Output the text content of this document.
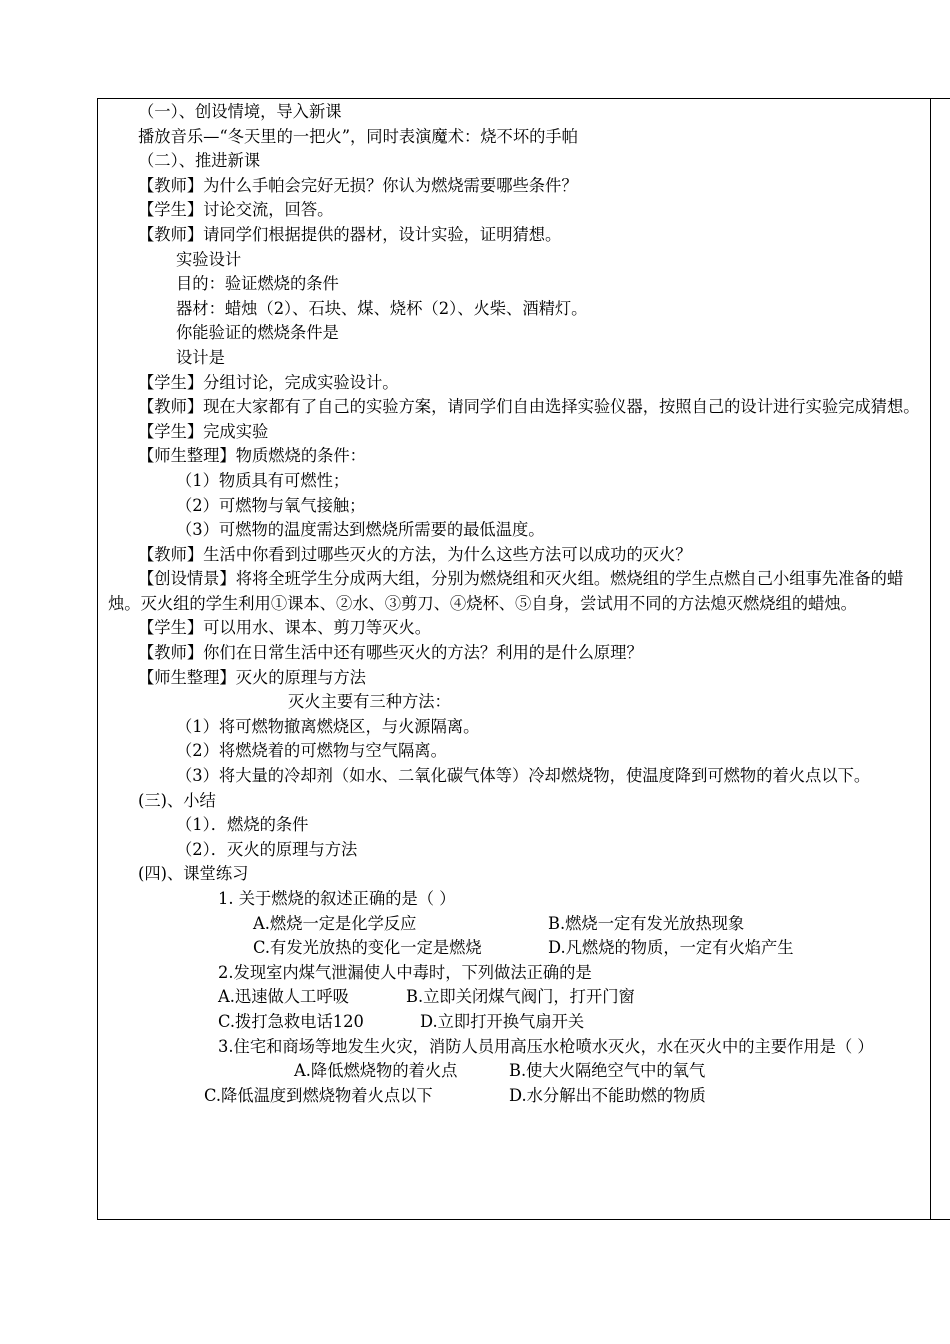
（一）、创设情境，导入新课
播放音乐—“冬天里的一把火”，同时表演魔术：烧不坏的手帕
（二）、推进新课
【教师】为什么手帕会完好无损？你认为燃烧需要哪些条件？
【学生】讨论交流，回答。
【教师】请同学们根据提供的器材，设计实验，证明猜想。
实验设计
目的：验证燃烧的条件
器材：蜡烛（2）、石块、煤、烧杯（2）、火柴、酒精灯。
你能验证的燃烧条件是
设计是
【学生】分组讨论，完成实验设计。
【教师】现在大家都有了自己的实验方案，请同学们自由选择实验仪器，按照自己的设计进行实验完成猜想。
【学生】完成实验
【师生整理】物质燃烧的条件：
（1）物质具有可燃性；
（2）可燃物与氧气接触；
（3）可燃物的温度需达到燃烧所需要的最低温度。
【教师】生活中你看到过哪些灭火的方法，为什么这些方法可以成功的灭火？
【创设情景】将将全班学生分成两大组，分别为燃烧组和灭火组。燃烧组的学生点燃自己小组事先准备的蜡烛。灭火组的学生利用①课本、②水、③剪刀、④烧杯、⑤自身，尝试用不同的方法熄灭燃烧组的蜡烛。
【学生】可以用水、课本、剪刀等灭火。
【教师】你们在日常生活中还有哪些灭火的方法？利用的是什么原理？
【师生整理】灭火的原理与方法
灭火主要有三种方法：
（1）将可燃物撤离燃烧区，与火源隔离。
（2）将燃烧着的可燃物与空气隔离。
（3）将大量的冷却剂（如水、二氧化碳气体等）冷却燃烧物，使温度降到可燃物的着火点以下。
(三)、小结
（1）．燃烧的条件
（2）．灭火的原理与方法
(四)、课堂练习
1. 关于燃烧的叙述正确的是（ ）
A.燃烧一定是化学反应	B.燃烧一定有发光放热现象
C.有发光放热的变化一定是燃烧	D.凡燃烧的物质，一定有火焰产生
2.发现室内煤气泄漏使人中毒时，下列做法正确的是
A.迅速做人工呼吸	B.立即关闭煤气阀门，打开门窗
C.拨打急救电话120	D.立即打开换气扇开关
3.住宅和商场等地发生火灾，消防人员用高压水枪喷水灭火，水在灭火中的主要作用是（ ）
A.降低燃烧物的着火点	B.使大火隔绝空气中的氧气
C.降低温度到燃烧物着火点以下	D.水分解出不能助燃的物质
